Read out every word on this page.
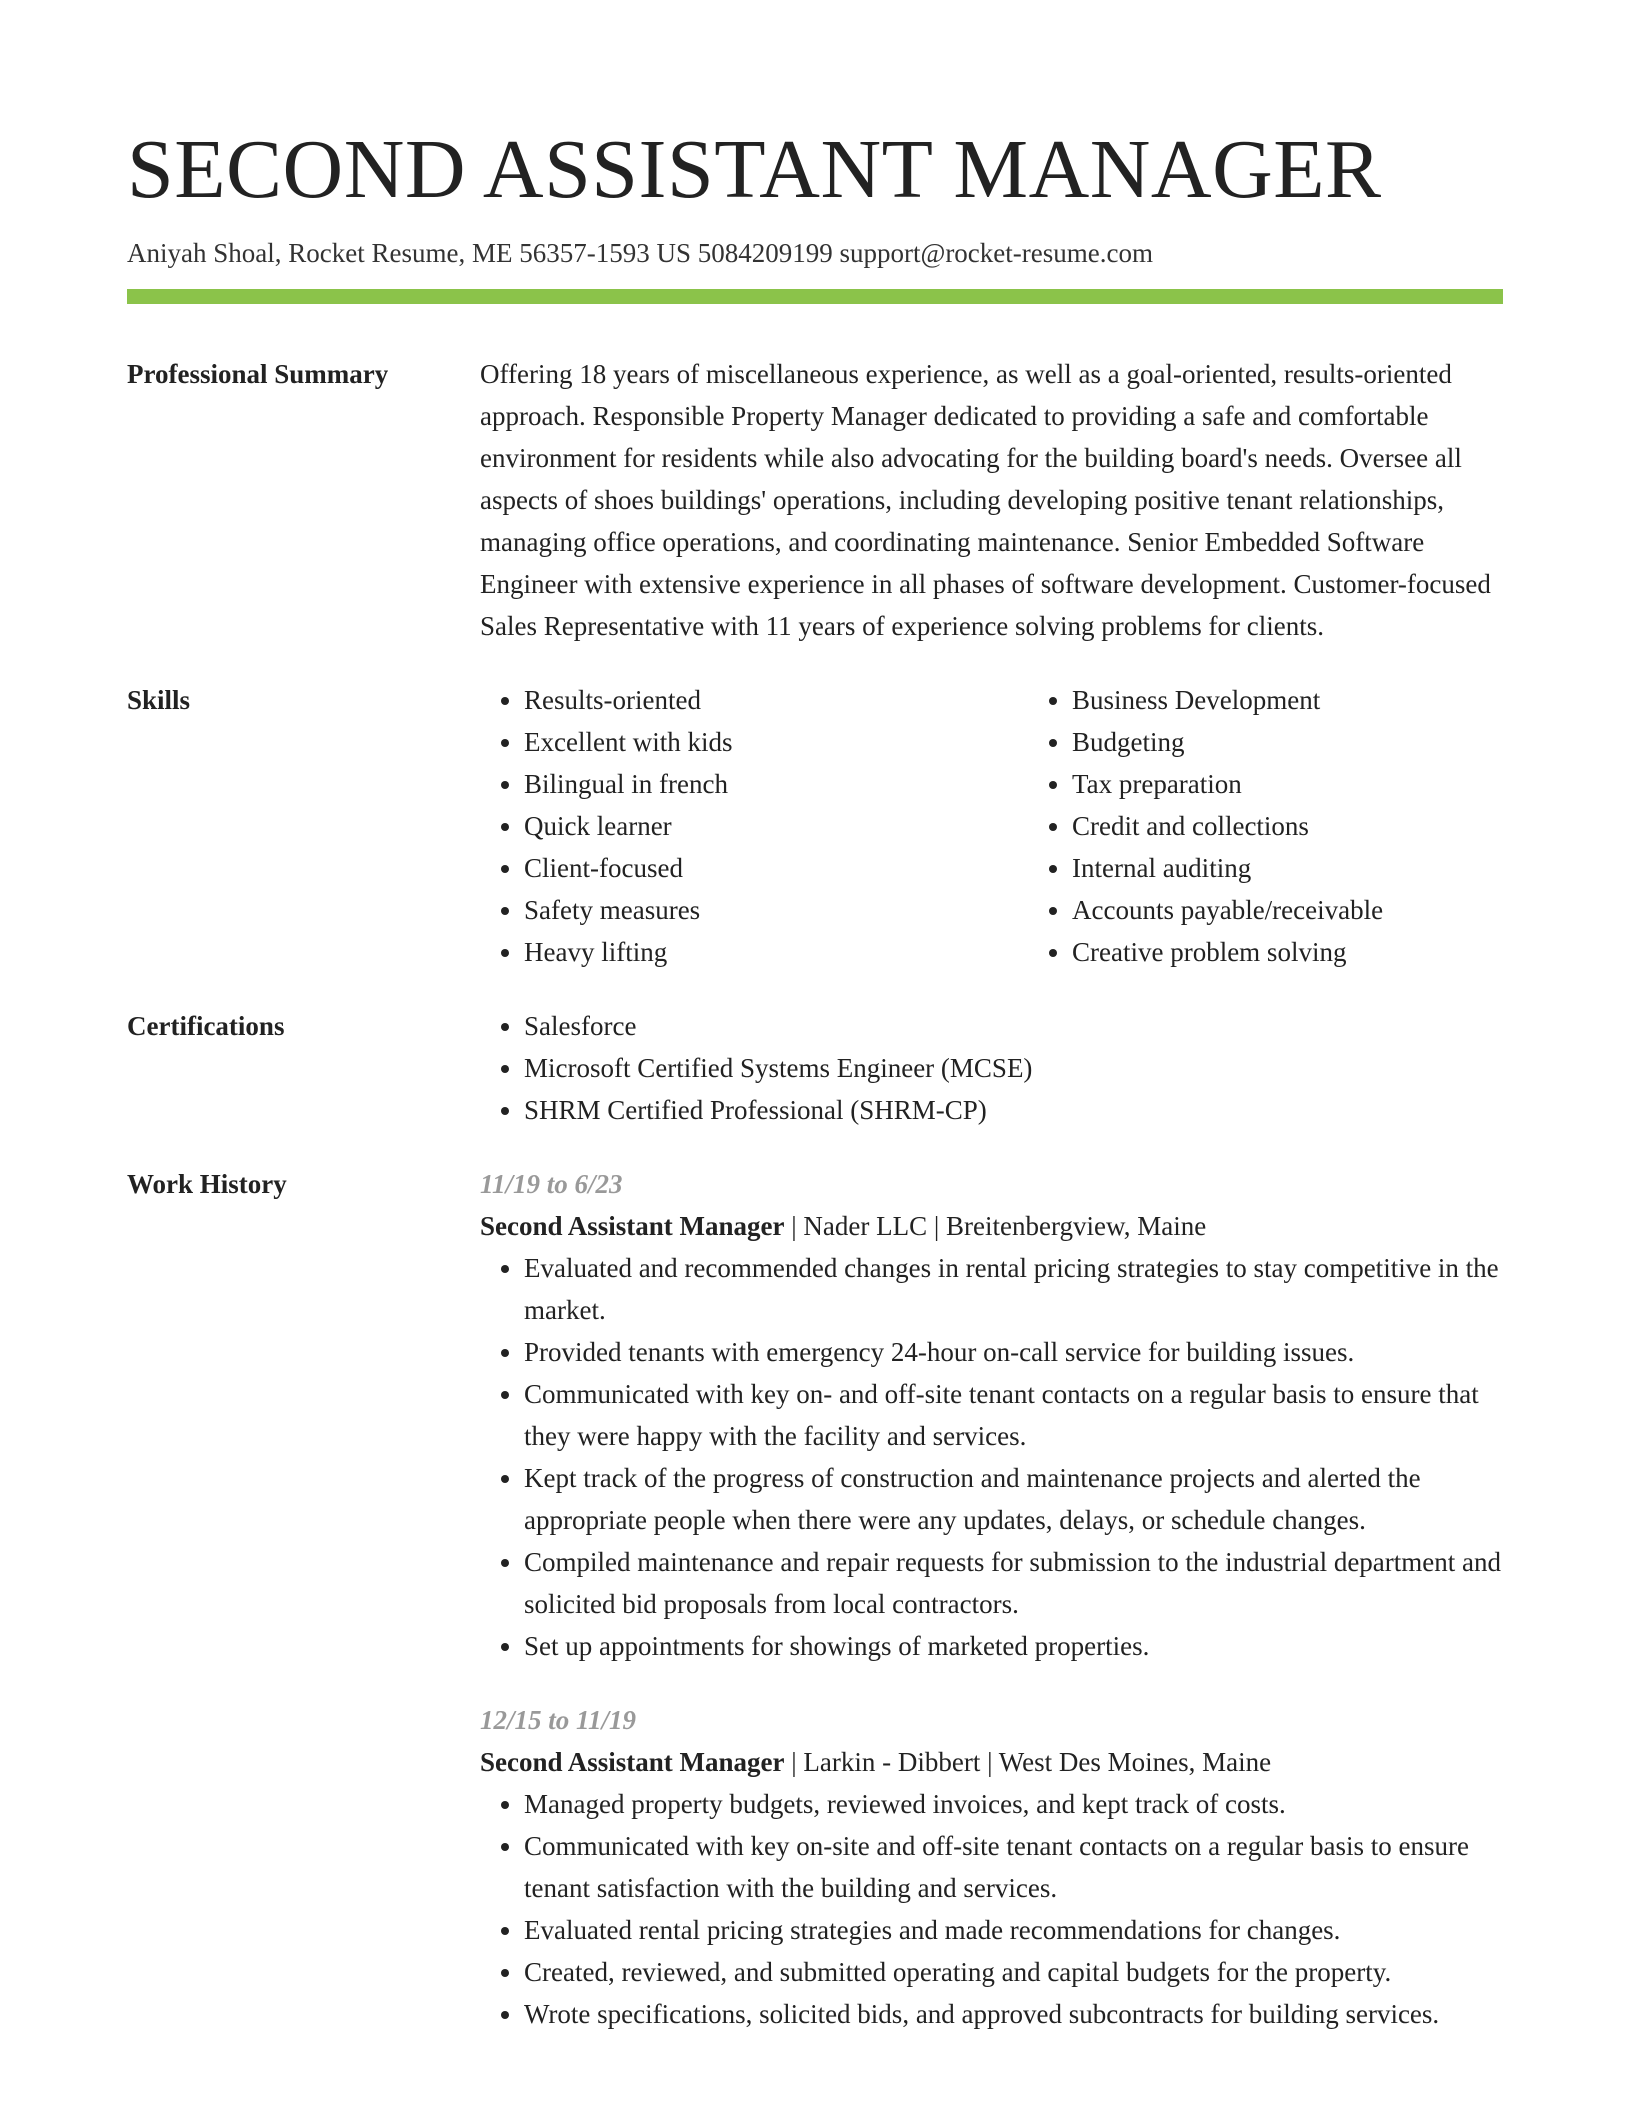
SECOND ASSISTANT MANAGER
Aniyah Shoal, Rocket Resume, ME 56357-1593 US 5084209199 support@rocket-resume.com
Professional Summary	Offering 18 years of miscellaneous experience, as well as a goal-oriented, results-oriented approach. Responsible Property Manager dedicated to providing a safe and comfortable environment for residents while also advocating for the building board's needs. Oversee all aspects of shoes buildings' operations, including developing positive tenant relationships, managing office operations, and coordinating maintenance. Senior Embedded Software Engineer with extensive experience in all phases of software development. Customer-focused Sales Representative with 11 years of experience solving problems for clients.
Skills	• Results-oriented
• Excellent with kids
• Bilingual in french
• Quick learner
• Client-focused
• Safety measures
• Heavy lifting
• Business Development
• Budgeting
• Tax preparation
• Credit and collections
• Internal auditing
• Accounts payable/receivable
• Creative problem solving
Certifications	• Salesforce
• Microsoft Certified Systems Engineer (MCSE)
• SHRM Certified Professional (SHRM-CP)
Work History	11/19 to 6/23
Second Assistant Manager | Nader LLC | Breitenbergview, Maine
• Evaluated and recommended changes in rental pricing strategies to stay competitive in the market.
• Provided tenants with emergency 24-hour on-call service for building issues.
• Communicated with key on- and off-site tenant contacts on a regular basis to ensure that they were happy with the facility and services.
• Kept track of the progress of construction and maintenance projects and alerted the appropriate people when there were any updates, delays, or schedule changes.
• Compiled maintenance and repair requests for submission to the industrial department and solicited bid proposals from local contractors.
• Set up appointments for showings of marketed properties.
12/15 to 11/19
Second Assistant Manager | Larkin - Dibbert | West Des Moines, Maine
• Managed property budgets, reviewed invoices, and kept track of costs.
• Communicated with key on-site and off-site tenant contacts on a regular basis to ensure tenant satisfaction with the building and services.
• Evaluated rental pricing strategies and made recommendations for changes.
• Created, reviewed, and submitted operating and capital budgets for the property.
• Wrote specifications, solicited bids, and approved subcontracts for building services.
